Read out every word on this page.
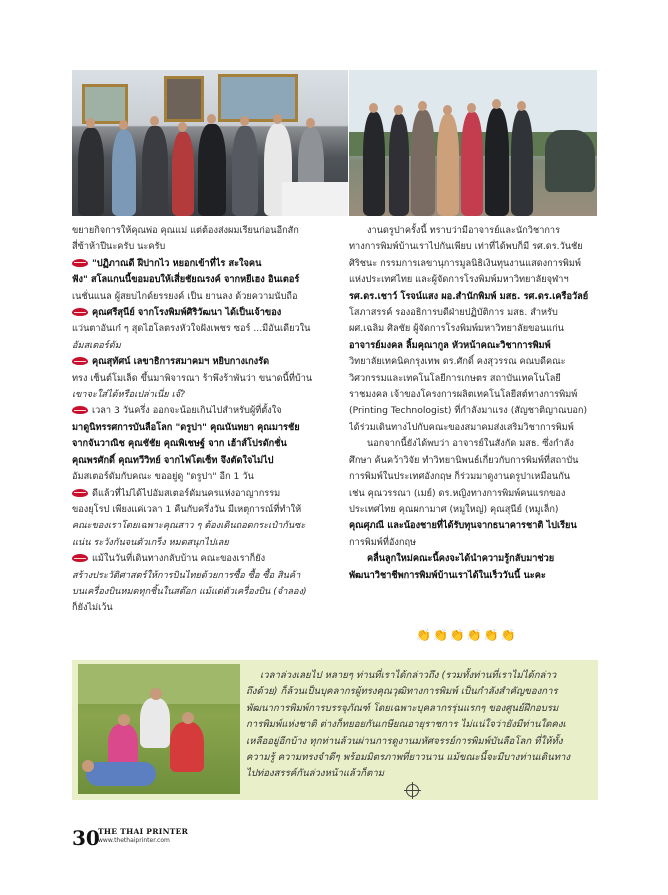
ขยายกิจการให้คุณพ่อ คุณแม่ แต่ต้องส่งผมเรียนก่อนอีกสัก
สี่ซ้าห้าปีนะครับ นะครับ
"ปฏิภาณดี ฝีปากไว หยอกเข้าที่ไร สะใจคน
ฟัง" สโลแกนนี้ขอมอบให้เสี่ยชัยณรงค์ จากหยีเฮง อินเตอร์
เนชั่นแนล ผู้สยบไกด์ยรรยงค์ เป็น ยานลง ด้วยความนับถือ
คุณศรีสุนีย์ จากโรงพิมพ์ศิริวัฒนา ได้เป็นเจ้าของ
แว่นตาอันเก๋ ๆ สุดไฮโลตรงหัวใจฝังเพชร ซอร์ ...มีอันเดียวใน
อัมสเตอร์ดัม
คุณสุทัศน์ เลขาธิการสมาคมฯ หยิบกางเกงรัด
ทรง เซ็นต์โมเล็ด ขึ้นมาพิจารณา ร้าพึงร้าพันว่า ขนาดนี้ที่บ้าน
เขาจะใส่ได้หรือเปล่าเนี่ย เจ๊?
เวลา 3 วันครึ่ง ออกจะน้อยเกินไปสำหรับผู้ที่ตั้งใจ
มาดูนิทรรศการบันลือโลก "ดรูปา" คุณนันทยา คุณมารชัย
จากจันวาณิช คุณชัชัย คุณพิเชษฐ์ จาก เฮ้าส์โปรดักชั่น
คุณพรศักดิ์ คุณทวีวิทย์ จากไฟโตเซ็ท จึงตัดใจไม่ไป
อัมสเตอร์ดัมกับคณะ ขออยู่ดู "ดรูปา" อีก 1 วัน
ดีแล้วที่ไม่ได้ไปอัมสเตอร์ดัมนครแห่งอาญากรรม
ของยุโรป เพียงแค่เวลา 1 คืนกับครึ่งวัน มีเหตุการณ์ที่ทำให้
คณะของเราโดยเฉพาะคุณสาว ๆ ต้องเดินถอดกระเป๋ากันซะ
แน่น ระวังกันจนตัวเกร็ง หมดสนุกไปเลย
แม้ในวันที่เดินทางกลับบ้าน คณะของเราก็ยัง
สร้างประวัติศาสตร์ให้การบินไทยด้วยการซื้อ ซื้อ ซื้อ สินค้า
บนเครื่องบินหมดทุกชิ้นในสต๊อก แม้แต่ตัวเครื่องบิน (จำลอง)
ก็ยังไม่เว้น
งานดรูปาครั้งนี้ ทราบว่ามีอาจารย์และนักวิชาการ
ทางการพิมพ์บ้านเราไปกันเพียบ เท่าที่ได้พบก็มี รศ.ดร.วันชัย
ศิริชนะ กรรมการเลขานุการมูลนิธิเงินทุนงานแสดงการพิมพ์
แห่งประเทศไทย และผู้จัดการโรงพิมพ์มหาวิทยาลัยจุฬาฯ
รศ.ดร.เชาว์ โรจน์แสง ผอ.สำนักพิมพ์ มสธ. รศ.ดร.เครือวัลย์
โสภาสรรค์ รองอธิการบดีฝ่ายปฏิบัติการ มสธ. สำหรับ
ผศ.เฉลิม ศิลชัย ผู้จัดการโรงพิมพ์มหาวิทยาลัยขอนแก่น
อาจารย์มงคล ลิ้มคุณากูล หัวหน้าคณะวิชาการพิมพ์
วิทยาลัยเทคนิคกรุงเทพ ดร.ศักดิ์ คงสุวรรณ คณบดีคณะ
วิศวกรรมและเทคโนโลยีการเกษตร สถาบันเทคโนโลยี
ราชมงคล เจ้าของโครงการผลิตเทคโนโลยีสต์ทางการพิมพ์
(Printing Technologist) ที่กำลังมาแรง (สัญชาติญาณบอก)
ได้ร่วมเดินทางไปกับคณะของสมาคมส่งเสริมวิชาการพิมพ์
นอกจากนี้ยังได้พบว่า อาจารย์ในสังกัด มสธ. ซึ่งกำลัง
ศึกษา ค้นคว้าวิจัย ทำวิทยานิพนธ์เกี่ยวกับการพิมพ์ที่สถาบัน
การพิมพ์ในประเทศอังกฤษ ก็ร่วมมาดูงานดรูปาเหมือนกัน
เช่น คุณวรรณา (เมย์) ดร.หญิงทางการพิมพ์คนแรกของ
ประเทศไทย คุณผกามาศ (หมูใหญ่) คุณสุนีย์ (หมูเล็ก)
คุณศุภณี และน้องชายที่ได้รับทุนจากธนาคารชาติ ไปเรียน
การพิมพ์ที่อังกฤษ
คลื่นลูกใหม่คณะนี้คงจะได้นำความรู้กลับมาช่วย
พัฒนาวิชาชีพการพิมพ์บ้านเราได้ในเร็ววันนี้ นะคะ
👏👏👏👏👏👏
เวลาล่วงเลยไป หลายๆ ท่านที่เราได้กล่าวถึง (รวมทั้งท่านที่เราไม่ได้กล่าว
ถึงด้วย) ก็ล้วนเป็นบุคลากรผู้ทรงคุณวุฒิทางการพิมพ์ เป็นกำลังสำคัญของการ
พัฒนาการพิมพ์การบรรจุภัณฑ์ โดยเฉพาะบุคลากรรุ่นแรกๆ ของศูนย์ฝึกอบรม
การพิมพ์แห่งชาติ ต่างก็ทยอยกันเกษียณอายุราชการ ไม่แน่ใจว่ายังมีท่านใดคงเ
เหลืออยู่อีกบ้าง ทุกท่านล้วนผ่านการดูงานมหัศจรรย์การพิมพ์บันลือโลก ที่ให้ทั้ง
ความรู้ ความทรงจำดีๆ พร้อมมิตรภาพที่ยาวนาน แม้ขณะนี้จะมีบางท่านเดินทาง
ไปท่องสรรค์กันล่วงหน้าแล้วก็ตาม
30
THE THAI PRINTER
www.thethaiprinter.com
